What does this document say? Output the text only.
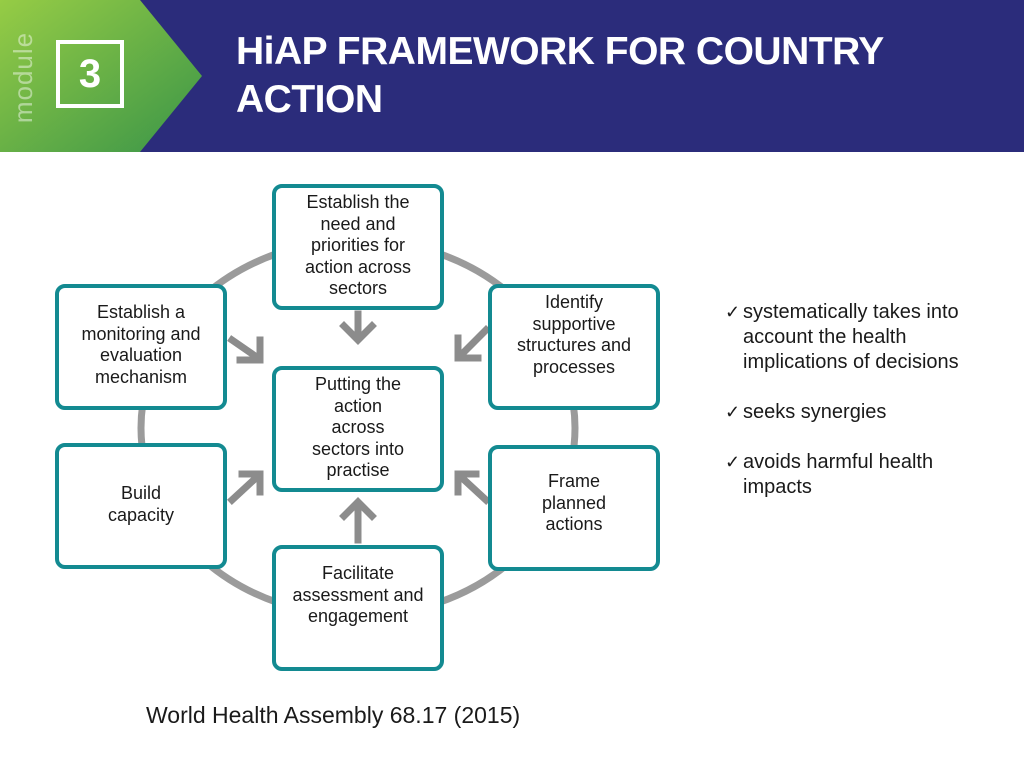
module 3	HiAP FRAMEWORK FOR COUNTRY
ACTION
Putting the
action
across
sectors into
practise
Establish the
need and
priorities for
action across
sectors
Identify
supportive
structures and
processes
Frame
planned
actions
Facilitate
assessment and
engagement
Build
capacity
Establish a
monitoring and
evaluation
mechanism
✓ systematically takes into account the health implications of decisions
✓ seeks synergies
✓ avoids harmful health impacts
World Health Assembly 68.17 (2015)
